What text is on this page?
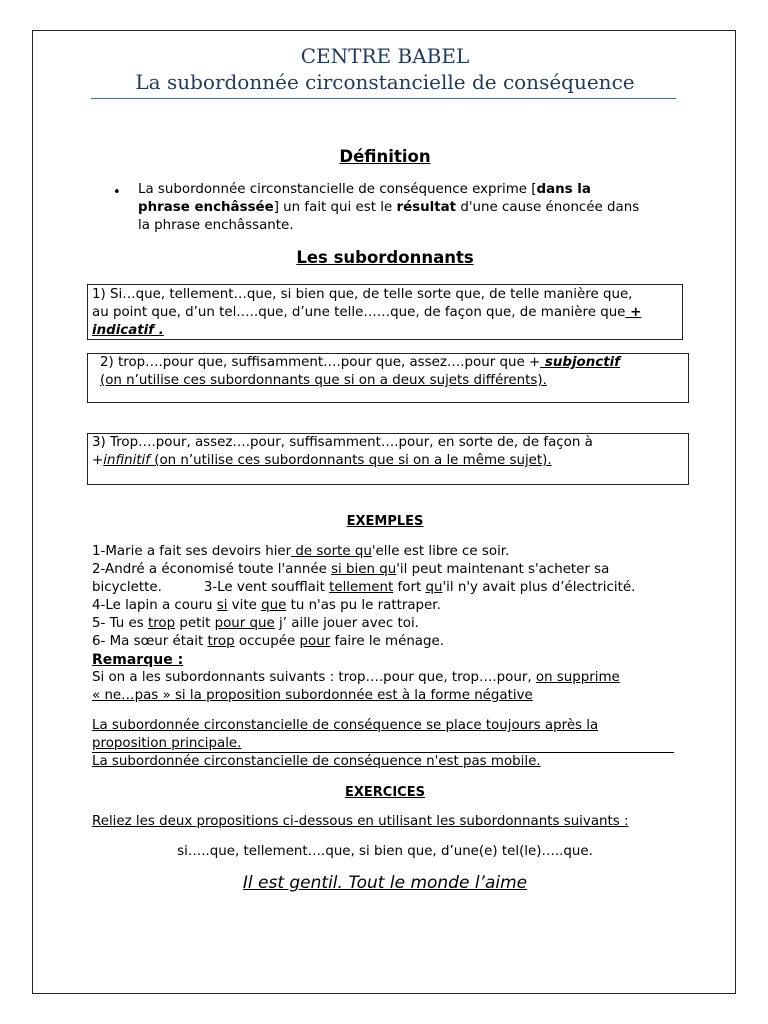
CENTRE BABEL
La subordonnée circonstancielle de conséquence
Définition
• La subordonnée circonstancielle de conséquence exprime [dans la
phrase enchâssée] un fait qui est le résultat d'une cause énoncée dans
la phrase enchâssante.
Les subordonnants
1) Si…que, tellement…que, si bien que, de telle sorte que, de telle manière que,
au point que, d’un tel…..que, d’une telle……que, de façon que, de manière que +
indicatif .
2) trop….pour que, suffisamment….pour que, assez….pour que + subjonctif
(on n’utilise ces subordonnants que si on a deux sujets différents).
3) Trop….pour, assez….pour, suffisamment….pour, en sorte de, de façon à
+infinitif (on n’utilise ces subordonnants que si on a le même sujet).
EXEMPLES
1-Marie a fait ses devoirs hier de sorte qu'elle est libre ce soir.
2-André a économisé toute l'année si bien qu'il peut maintenant s'acheter sa
bicyclette.	3-Le vent soufflait tellement fort qu'il n'y avait plus d’électricité.
4-Le lapin a couru si vite que tu n'as pu le rattraper.
5- Tu es trop petit pour que j’ aille jouer avec toi.
6- Ma sœur était trop occupée pour faire le ménage.
Remarque :
Si on a les subordonnants suivants : trop….pour que, trop….pour, on supprime
« ne…pas » si la proposition subordonnée est à la forme négative
La subordonnée circonstancielle de conséquence se place toujours après la
proposition principale.
La subordonnée circonstancielle de conséquence n'est pas mobile.
EXERCICES
Reliez les deux propositions ci-dessous en utilisant les subordonnants suivants :
si…..que, tellement….que, si bien que, d’une(e) tel(le)…..que.
Il est gentil. Tout le monde l’aime
